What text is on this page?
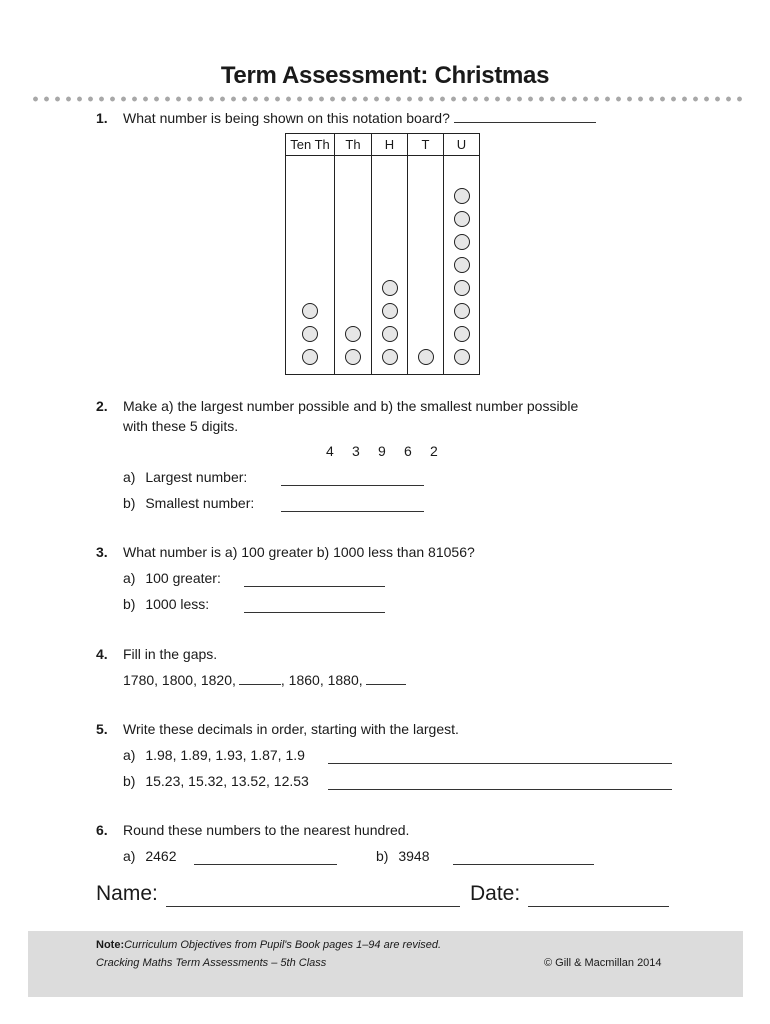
Term Assessment: Christmas
1. What number is being shown on this notation board?
Ten Th	Th	H	T	U

2. Make a) the largest number possible and b) the smallest number possible
with these 5 digits.
4 3 9 6 2
a) Largest number:
b) Smallest number:
3. What number is a) 100 greater b) 1000 less than 81056?
a) 100 greater:
b) 1000 less:
4. Fill in the gaps.
1780, 1800, 1820,	, 1860, 1880,
5. Write these decimals in order, starting with the largest.
a) 1.98, 1.89, 1.93, 1.87, 1.9
b) 15.23, 15.32, 13.52, 12.53
6. Round these numbers to the nearest hundred.
a) 2462	b) 3948
Name:	Date:
Note:Curriculum Objectives from Pupil's Book pages 1–94 are revised.
Cracking Maths Term Assessments – 5th Class	© Gill & Macmillan 2014
